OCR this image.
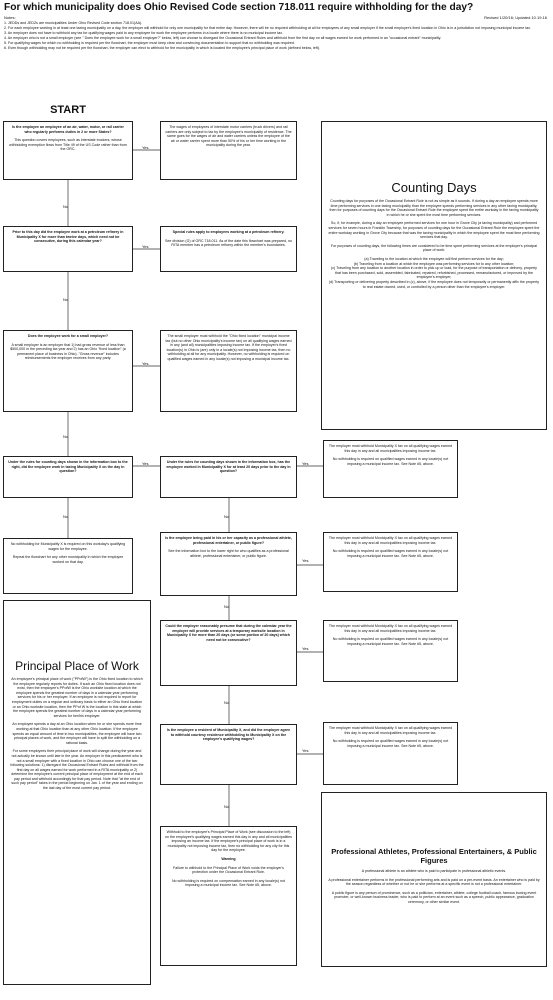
For which municipality does Ohio Revised Code section 718.011 require withholding for the day?
Notes:	Revised 1/20/16; Updated 10.19.16

1. JEDDs and JEDZs are municipalities Under Ohio Revised Code section 718.01(AA).

2. For each employee working in at least one taxing municipality on a day, the employer will withhold for only one municipality for that entire day. However, there will be no required withholding at all for employees of any small employer if the small employer's fixed location in Ohio is in a jurisdiction not imposing municipal income tax.

3. An employer does not have to withhold any tax for qualifying wages paid to any employee for work the employee performs in a locale where there is no municipal income tax.

4. An employer who is not a small employer (see " Does the employee work for a small employer?" below, left) can choose to disregard the Occasional Entrant Rules and withhold from the first day on all wages earned for work performed in an "occasional entrant" municipality.

5. For qualifying wages for which no withholding is required per the flowchart, the employer must keep clear and convincing documentation to support that no withholding was required.

6. Even though withholding may not be required per the flowchart, the employer can elect to withhold for the municipality in which is located the employee's principal place of work (defined below, left).

START

Is the employee an employee of an air, water, motor, or rail carrier who regularly performs duties in 2 or more States?

This question covers employees, such as interstate truckers, whose withholding exemption flows from Title 49 of the US Code rather than from the ORC.	Yes

The wages of employees of interstate motor carriers (truck drivers) and rail carriers are only subject to tax by the employee's municipality of residence. The same goes for the wages of air and water carriers unless the employee of the air or water carrier spent more than 50% of his or her time working in the municipality during the year.

No

Prior to this day did the employee work at a petroleum refinery in Municipality X for more than twelve days, which need not be consecutive, during this calendar year?

Yes

Special rules apply to employees working at a petroleum refinery.

See division (G) of ORC 718.011. As of the date this flowchart was prepared, no RITA member has a petroleum refinery within the member's boundaries.

No

Does the employee work for a small employer?

A small employer is an employer that 1) had gross revenue of less than $500,000 in the preceding tax year and 2) has an Ohio "fixed location" (a permanent place of business in Ohio). "Gross revenue" includes reimbursements the employer receives from any party.

Yes

The small employer must withhold the "Ohio fixed location" municipal income tax (but no other Ohio municipality's income tax) on all qualifying wages earned in any (and all) municipalities imposing income tax. If the employer's fixed location(s) in Ohio is (are) only in a locale(s) not imposing income tax, then no withholding at all for any municipality. However, no withholding is required on qualified wages earned in any locale(s) not imposing a municipal income tax.

No

Under the rules for counting days shown in the information box to the right, did the employee work in taxing Municipality X on the day in question?

Yes	Under the rules for counting days shown in the information box, has the employee worked in Municipality X for at least 20 days prior to the day in question?

Yes

The employer must withhold Municipality X tax on all qualifying wages earned this day in any and all municipalities imposing income tax.

No withholding is required on qualified wages earned in any locale(s) not imposing a municipal income tax. See Note #5, above.

No	No

No withholding for Municipality X is required on this workday's qualifying wages for the employee.

Repeat the flowchart for any other municipality in which the employee worked on that day.

Is the employee being paid in his or her capacity as a professional athlete, professional entertainer, or public figure?

See the information box to the lower right for who qualifies as a professional athlete, professional entertainer, or public figure.

Yes

The employer must withhold Municipality X tax on all qualifying wages earned this day in any and all municipalities imposing income tax.

No withholding is required on qualified wages earned in any locale(s) not imposing a municipal income tax. See Note #5, above.

No

Could the employer reasonably presume that during the calendar year the employer will provide services at a temporary worksite location in Municipality X for more than 20 days (or some portion of 20 days) which need not be consecutive?

Yes

The employer must withhold Municipality X tax on all qualifying wages earned this day in any and all municipalities imposing income tax.

No withholding is required on qualified wages earned in any locale(s) not imposing a municipal income tax. See Note #5, above.

No

Is the employee a resident of Municipality X, and did the employer agree to withhold courtesy residence withholding to Municipality X on the employee's qualifying wages?

Yes

The employer must withhold Municipality X tax on all qualifying wages earned this day in any and all municipalities imposing income tax.

No withholding is required on qualified wages earned in any locale(s) not imposing a municipal income tax. See Note #5, above.

No

Withhold to the employee's Principal Place of Work (see discussion to the left) on the employee's qualifying wages earned this day in any and all municipalities imposing an income tax. If the employee's principal place of work is in a municipality not imposing income tax, then no withholding for any city for this day for the employee.

Warning

Failure to withhold to the Principal Place of Work voids the employer's protection under the Occasional Entrant Rule.

No withholding is required on compensation earned in any locale(s) not imposing a municipal income tax. See Note #5, above.

Counting Days

Counting days for purposes of the Occasional Entrant Rule is not as simple as it sounds. If during a day an employee spends more time performing services in one taxing municipality than the employee spends performing services in any other taxing municipality, then for purposes of counting days for the Occasional Entrant Rule the employee spent the entire workday in the taxing municipality in which he or she spent the most time performing services.

So, if, for example, during a day an employee performed services for one hour in Grove City (a taxing municipality) and performed services for seven hours in Franklin Township, for purposes of counting days for the Occasional Entrant Rule the employee spent the entire workday working in Grove City because that was the taxing municipality in which the employee spent the most time performing services that day.

For purposes of counting days, the following times are considered to be time spent performing services at the employer's principal place of work:

(a) Traveling to the location at which the employee will first perform services for the day;

(b) Traveling from a location at which the employee was performing services for to any other location;

(c) Traveling from any location to another location in order to pick up or load, for the purpose of transportation or delivery, property that has been purchased, sold, assembled, fabricated, repaired, refurbished, processed, remanufactured, or improved by the employee's employer;

(d) Transporting or delivering property described in (c), above, if the employee does not temporarily or permanently affix the property to real estate owned, used, or controlled by a person other than the employee's employer.

Principal Place of Work

An employee's principal place of work ("PPofW") is the Ohio fixed location to which the employee regularly reports for duties. If such an Ohio fixed location does not exist, then the employee's PPofW is the Ohio worksite location at which the employee spends the greatest number of days in a calendar year performing services for his or her employer. If an employee is not required to report for employment duties on a regular and ordinary basis to either an Ohio fixed location or an Ohio worksite location, then the PPof W is the location in this state at which the employee spends the greatest number of days in a calendar year performing services for her/his employer.

An employee spends a day at an Ohio location when he or she spends more time working at that Ohio location than at any other Ohio location. If the employee spends an equal amount of time in two municipalities, the employee will have two principal places of work, and the employer will have to split the withholding on a rational basis.

For some employees their principal place of work will change during the year and not actually be known until late in the year. An employer in this predicament who is not a small employer with a fixed location in Ohio can choose one of the two following solutions: 1) disregard the Occasional Entrant Rules and withhold from the first day on all wages earned for work performed in a RITA municipality or 2) determine the employee's current principal place of employment at the end of each pay period and withhold accordingly for that pay period. Note that "at the end of such pay period" takes in the period beginning on Jan. 1 of the year and ending on the last day of the most current pay period.

Professional Athletes, Professional Entertainers, & Public Figures

A professional athlete is an athlete who is paid to participate in professional athletic events.

A professional entertainer performs in the professional performing arts and is paid on a per-event basis. An entertainer who is paid by the season regardless of whether or not he or she performs at a specific event is not a professional entertainer.

A public figure is any person of prominence, such as a politician, entertainer, athlete, college football coach, famous boxing event promoter, or well-known business leader, who is paid to perform at an event such as a speech, public appearance, graduation ceremony, or other similar event.
